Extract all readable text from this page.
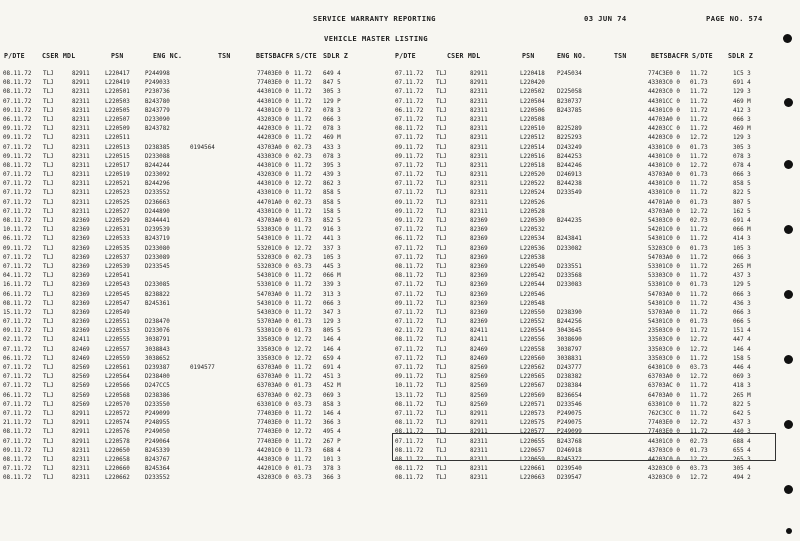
SERVICE WARRANTY REPORTING	03 JUN 74	PAGE NO. 574
VEHICLE MASTER LISTING
P/DTE	CSER MDL	PSN	ENG NC.	TSN	BETSBACFR S/CTE SDLR Z	P/DTE	CSER MDL	PSN	ENG NO.	TSN	BETSBACFR S/DTE SDLR Z
08.11.72 TLJ	82911	L220417	P244998	77403E0 0 11.72 649 4	07.11.72 TLJ	82911	L220418 P245034	774C3E0 0 11.72	1C5 3
08.11.72 TLJ	82911	L220419	P249033	77403E0 0 11.72 847 5	07.11.72 TLJ	82911	L220420	43303C0 0 01.73	691 4
08.11.72 TLJ	82311	L220501	P230736	44301C0 0 11.72 305 3	07.11.72 TLJ	82311	L220502 D225058	44203C0 0 11.72	129 3
07.11.72 TLJ	82311	L220503	B243780	44301C0 0 11.72 129 P	07.11.72 TLJ	82311	L220504 B230737	44301CC 0 11.72	469 M
09.11.72 TLJ	82311	L220505	B243779	44301C0 0 11.72 078 3	06.11.72 TLJ	82311	L220506 B243785	44301C0 0 11.72	412 3
06.11.72 TLJ	82311	L220507	D233090	43203C0 0 11.72 066 3	07.11.72 TLJ	82311	L220508	44703A0 0 11.72	066 3
09.11.72 TLJ	82311	L220509	B243782	44203C0 0 11.72 078 3	08.11.72 TLJ	82311	L220510 B225289	44203CC 0 11.72	469 M
09.11.72 TLJ	82311	L220511	44203C0 0 11.72 469 M	07.11.72 TLJ	82311	L220512 B225293	44203C0 0 12.72	129 3
07.11.72 TLJ	82311	L220513	D238385	0194564	43703A0 0 02.73 433 3	09.11.72 TLJ	82311	L220514 D243249	43301C0 0 01.73	305 3
09.11.72 TLJ	82311	L220515	D233088	43303C0 0 02.73 078 3	09.11.72 TLJ	82311	L220516 B244253	44301C0 0 11.72	078 3
08.11.72 TLJ	82311	L220517	B244244	44301C0 0 11.72 395 3	07.11.72 TLJ	82311	L220518 B244246	44301C0 0 12.72	078 4
07.11.72 TLJ	82311	L220519	D233092	43203C0 0 11.72 439 3	07.11.72 TLJ	82311	L220520 D246913	43703A0 0 01.73	066 3
07.11.72 TLJ	82311	L220521	B244296	44301C0 0 12.72 862 3	07.11.72 TLJ	82311	L220522 B244238	44301C0 0 11.72	858 5
07.11.72 TLJ	82311	L220523	D233552	43301C0 0 11.72 858 5	07.11.72 TLJ	82311	L220524 D233549	43301C0 0 11.72	822 5
07.11.72 TLJ	82311	L220525	D236663	44701A0 0 02.73 858 5	09.11.72 TLJ	82311	L220526	44701A0 0 01.73	807 5
07.11.72 TLJ	82311	L220527	D244890	43301C0 0 11.72 158 5	09.11.72 TLJ	82311	L220528	43703A0 0 12.72	162 5
08.11.72 TLJ	82369	L220529	B244441	43703A0 0 01.73 852 5	09.11.72 TLJ	82369	L220530 B244235	54303C0 0 02.73	691 4
10.11.72 TLJ	82369	L220531	D239539	53303C0 0 11.72 916 3	07.11.72 TLJ	82369	L220532	54201C0 0 11.72	066 M
06.11.72 TLJ	82369	L220533	B243719	54301C0 0 11.72 441 3	06.11.72 TLJ	82369	L220534 B243841	54301C0 0 11.72	414 3
09.11.72 TLJ	82369	L220535	D233080	53201C0 0 12.72 337 3	07.11.72 TLJ	82369	L220536 D233082	53203C0 0 01.73	105 3
07.11.72 TLJ	82369	L220537	D233089	53203C0 0 02.73 105 3	07.11.72 TLJ	82369	L220538	54703A0 0 11.72	066 3
07.11.72 TLJ	82369	L220539	D233545	53203C0 0 03.73 445 3	08.11.72 TLJ	82369	L220540 D233551	53301C0 0 11.72	265 M
04.11.72 TLJ	82369	L220541	54301C0 0 11.72 066 M	08.11.72 TLJ	82369	L220542 D233568	53303C0 0 11.72	437 3
16.11.72 TLJ	82369	L220543	D233085	53301C0 0 11.72 339 3	07.11.72 TLJ	82369	L220544 D233083	53301C0 0 01.73	129 5
06.11.72 TLJ	82369	L220545	B238822	54703A0 0 11.72 313 3	07.11.72 TLJ	82369	L220546	54703A0 0 11.72	066 3
08.11.72 TLJ	82369	L220547	B245361	54301C0 0 11.72 066 3	09.11.72 TLJ	82369	L220548	54301C0 0 11.72	436 3
15.11.72 TLJ	82369	L220549	54303C0 0 11.72 347 3	07.11.72 TLJ	82369	L220550 D238390	53703A0 0 11.72	066 3
07.11.72 TLJ	82369	L220551	D238470	53703A0 0 01.73 129 3	07.11.72 TLJ	82369	L220552 B244256	54301C0 0 01.73	066 5
09.11.72 TLJ	82369	L220553	D233076	53301C0 0 01.73 805 5	02.11.72 TLJ	82411	L220554 3043645	23503C0 0 11.72	151 4
02.11.72 TLJ	82411	L220555	3038791	33503C0 0 12.72 146 4	08.11.72 TLJ	82411	L220556 3038690	33503C0 0 12.72	447 4
07.11.72 TLJ	82469	L220557	3038843	33503C0 0 12.72 146 4	07.11.72 TLJ	82469	L220558 3038797	33503C0 0 12.72	146 4
06.11.72 TLJ	82469	L220559	3038652	33503C0 0 12.72 659 4	07.11.72 TLJ	82469	L220560 3038831	33503C0 0 11.72	158 5
07.11.72 TLJ	82569	L220561	D239387	0194577	63703A0 0 11.72 691 4	07.11.72 TLJ	82569	L220562 D243777	64301C0 0 03.73	446 4
07.11.72 TLJ	82569	L220564	D238400	63703A0 0 11.72 451 3	09.11.72 TLJ	82569	L220565 D238382	63703A0 0 12.72	069 3
07.11.72 TLJ	82569	L220566	D247CC5	63703A0 0 01.73 452 M	10.11.72 TLJ	82569	L220567 D238384	63703AC 0 11.72	418 3
06.11.72 TLJ	82569	L220568	D238386	63703A0 0 02.73 069 3	13.11.72 TLJ	82569	L220569 B236654	64703A0 0 11.72	265 M
07.11.72 TLJ	82569	L220570	D233550	63301C0 0 03.73 858 3	08.11.72 TLJ	82569	L220571 D233546	63301C0 0 11.72	822 5
07.11.72 TLJ	82911	L220572	P249099	77403E0 0 11.72 146 4	07.11.72 TLJ	82911	L220573 P249075	762C3CC 0 11.72	642 5
21.11.72 TLJ	82911	L220574	P248955	77403E0 0 11.72 366 3	08.11.72 TLJ	82911	L220575 P249075	77403E0 0 12.72	437 3
08.11.72 TLJ	82911	L220576	P249050	77403E0 0 12.72 495 4	08.11.72 TLJ	82911	L220577 P249099	77403E0 0 11.72	440 3
07.11.72 TLJ	82911	L220578	P249064	77403E0 0 11.72 267 P	07.11.72 TLJ	82311	L220655 B243768	44301C0 0 02.73	688 4
09.11.72 TLJ	82311	L220650	B245339	44201C0 0 11.73 688 4	08.11.72 TLJ	82311	L220657 D246918	43703C0 0 01.73	655 4
08.11.72 TLJ	82311	L220658	B243767	44303C0 0 11.72 101 3	08.11.72 TLJ	82311	L220659 B245372	44203C0 0 12.72	265 3
07.11.72 TLJ	82311	L220660	B245364	44201C0 0 01.73 378 3	08.11.72 TLJ	82311	L220661 D239540	43203C0 0 03.73	305 4
08.11.72 TLJ	82311	L220662	D233552	43203C0 0 03.73 366 3	08.11.72 TLJ	82311	L220663 D239547	43203C0 0 12.72	494 2
